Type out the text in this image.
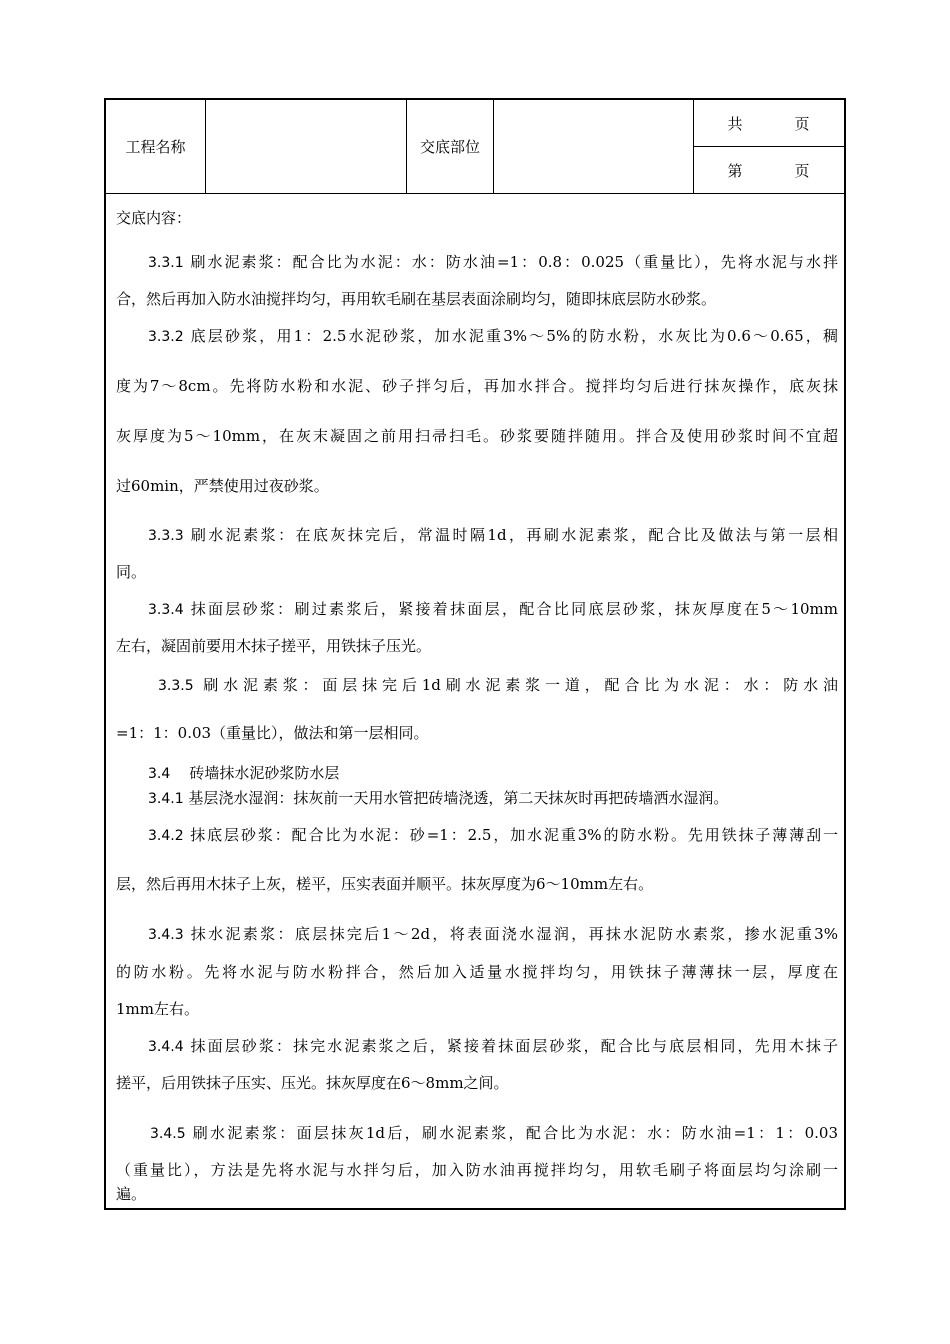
工程名称	交底部位
共	页
第	页
交底内容：
3.3.1 刷水泥素浆：配合比为水泥：水：防水油=1：0.8：0.025（重量比），先将水泥与水拌
合，然后再加入防水油搅拌均匀，再用软毛刷在基层表面涂刷均匀，随即抹底层防水砂浆。
3.3.2 底层砂浆，用1：2.5水泥砂浆，加水泥重3%～5%的防水粉，水灰比为0.6～0.65，稠
度为7～8cm。先将防水粉和水泥、砂子拌匀后，再加水拌合。搅拌均匀后进行抹灰操作，底灰抹
灰厚度为5～10mm，在灰末凝固之前用扫帚扫毛。砂浆要随拌随用。拌合及使用砂浆时间不宜超
过60min，严禁使用过夜砂浆。
3.3.3 刷水泥素浆：在底灰抹完后，常温时隔1d，再刷水泥素浆，配合比及做法与第一层相
同。
3.3.4 抹面层砂浆：刷过素浆后，紧接着抹面层，配合比同底层砂浆，抹灰厚度在5～10mm
左右，凝固前要用木抹子搓平，用铁抹子压光。
3.3.5 刷水泥素浆：面层抹完后1d刷水泥素浆一道，配合比为水泥：水：防水油
=1：1：0.03（重量比），做法和第一层相同。
3.4 砖墙抹水泥砂浆防水层
3.4.1 基层浇水湿润：抹灰前一天用水管把砖墙浇透，第二天抹灰时再把砖墙洒水湿润。
3.4.2 抹底层砂浆：配合比为水泥：砂=1：2.5，加水泥重3%的防水粉。先用铁抹子薄薄刮一
层，然后再用木抹子上灰，槎平，压实表面并顺平。抹灰厚度为6～10mm左右。
3.4.3 抹水泥素浆：底层抹完后1～2d，将表面浇水湿润，再抹水泥防水素浆，掺水泥重3%
的防水粉。先将水泥与防水粉拌合，然后加入适量水搅拌均匀，用铁抹子薄薄抹一层，厚度在
1mm左右。
3.4.4 抹面层砂浆：抹完水泥素浆之后，紧接着抹面层砂浆，配合比与底层相同，先用木抹子
搓平，后用铁抹子压实、压光。抹灰厚度在6～8mm之间。
3.4.5 刷水泥素浆：面层抹灰1d后，刷水泥素浆，配合比为水泥：水：防水油=1：1：0.03
（重量比），方法是先将水泥与水拌匀后，加入防水油再搅拌均匀，用软毛刷子将面层均匀涂刷一
遍。
